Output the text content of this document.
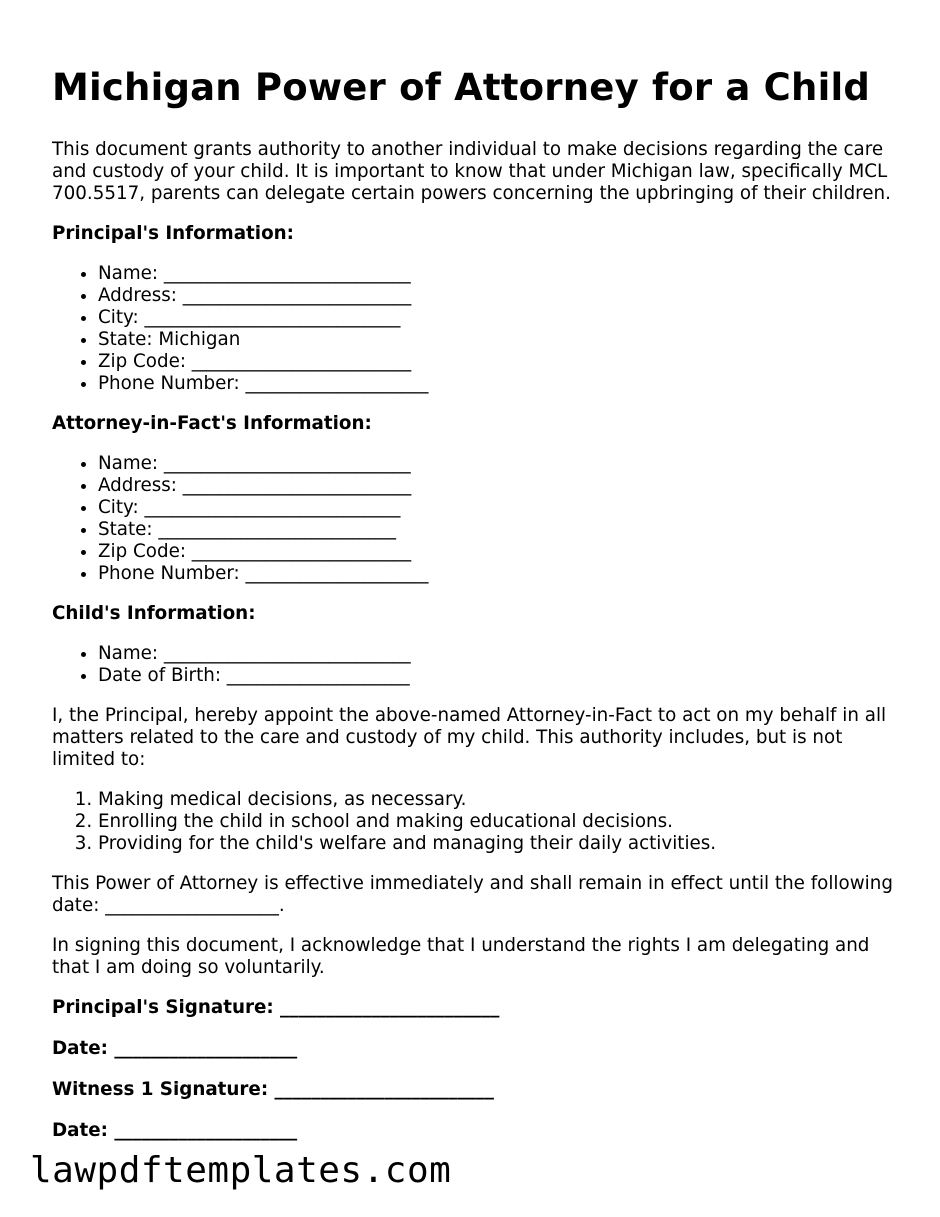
Michigan Power of Attorney for a Child

This document grants authority to another individual to make decisions regarding the care and custody of your child. It is important to know that under Michigan law, specifically MCL 700.5517, parents can delegate certain powers concerning the upbringing of their children.

Principal's Information:

• Name: ___________________________
• Address: _________________________
• City: ____________________________
• State: Michigan
• Zip Code: ________________________
• Phone Number: ____________________

Attorney-in-Fact's Information:

• Name: ___________________________
• Address: _________________________
• City: ____________________________
• State: __________________________
• Zip Code: ________________________
• Phone Number: ____________________

Child's Information:

• Name: ___________________________
• Date of Birth: ____________________

I, the Principal, hereby appoint the above-named Attorney-in-Fact to act on my behalf in all matters related to the care and custody of my child. This authority includes, but is not limited to:

1. Making medical decisions, as necessary.
2. Enrolling the child in school and making educational decisions.
3. Providing for the child's welfare and managing their daily activities.

This Power of Attorney is effective immediately and shall remain in effect until the following date: ___________________.

In signing this document, I acknowledge that I understand the rights I am delegating and that I am doing so voluntarily.

Principal's Signature: ________________________

Date: ____________________

Witness 1 Signature: ________________________

Date: ____________________

lawpdftemplates.com
